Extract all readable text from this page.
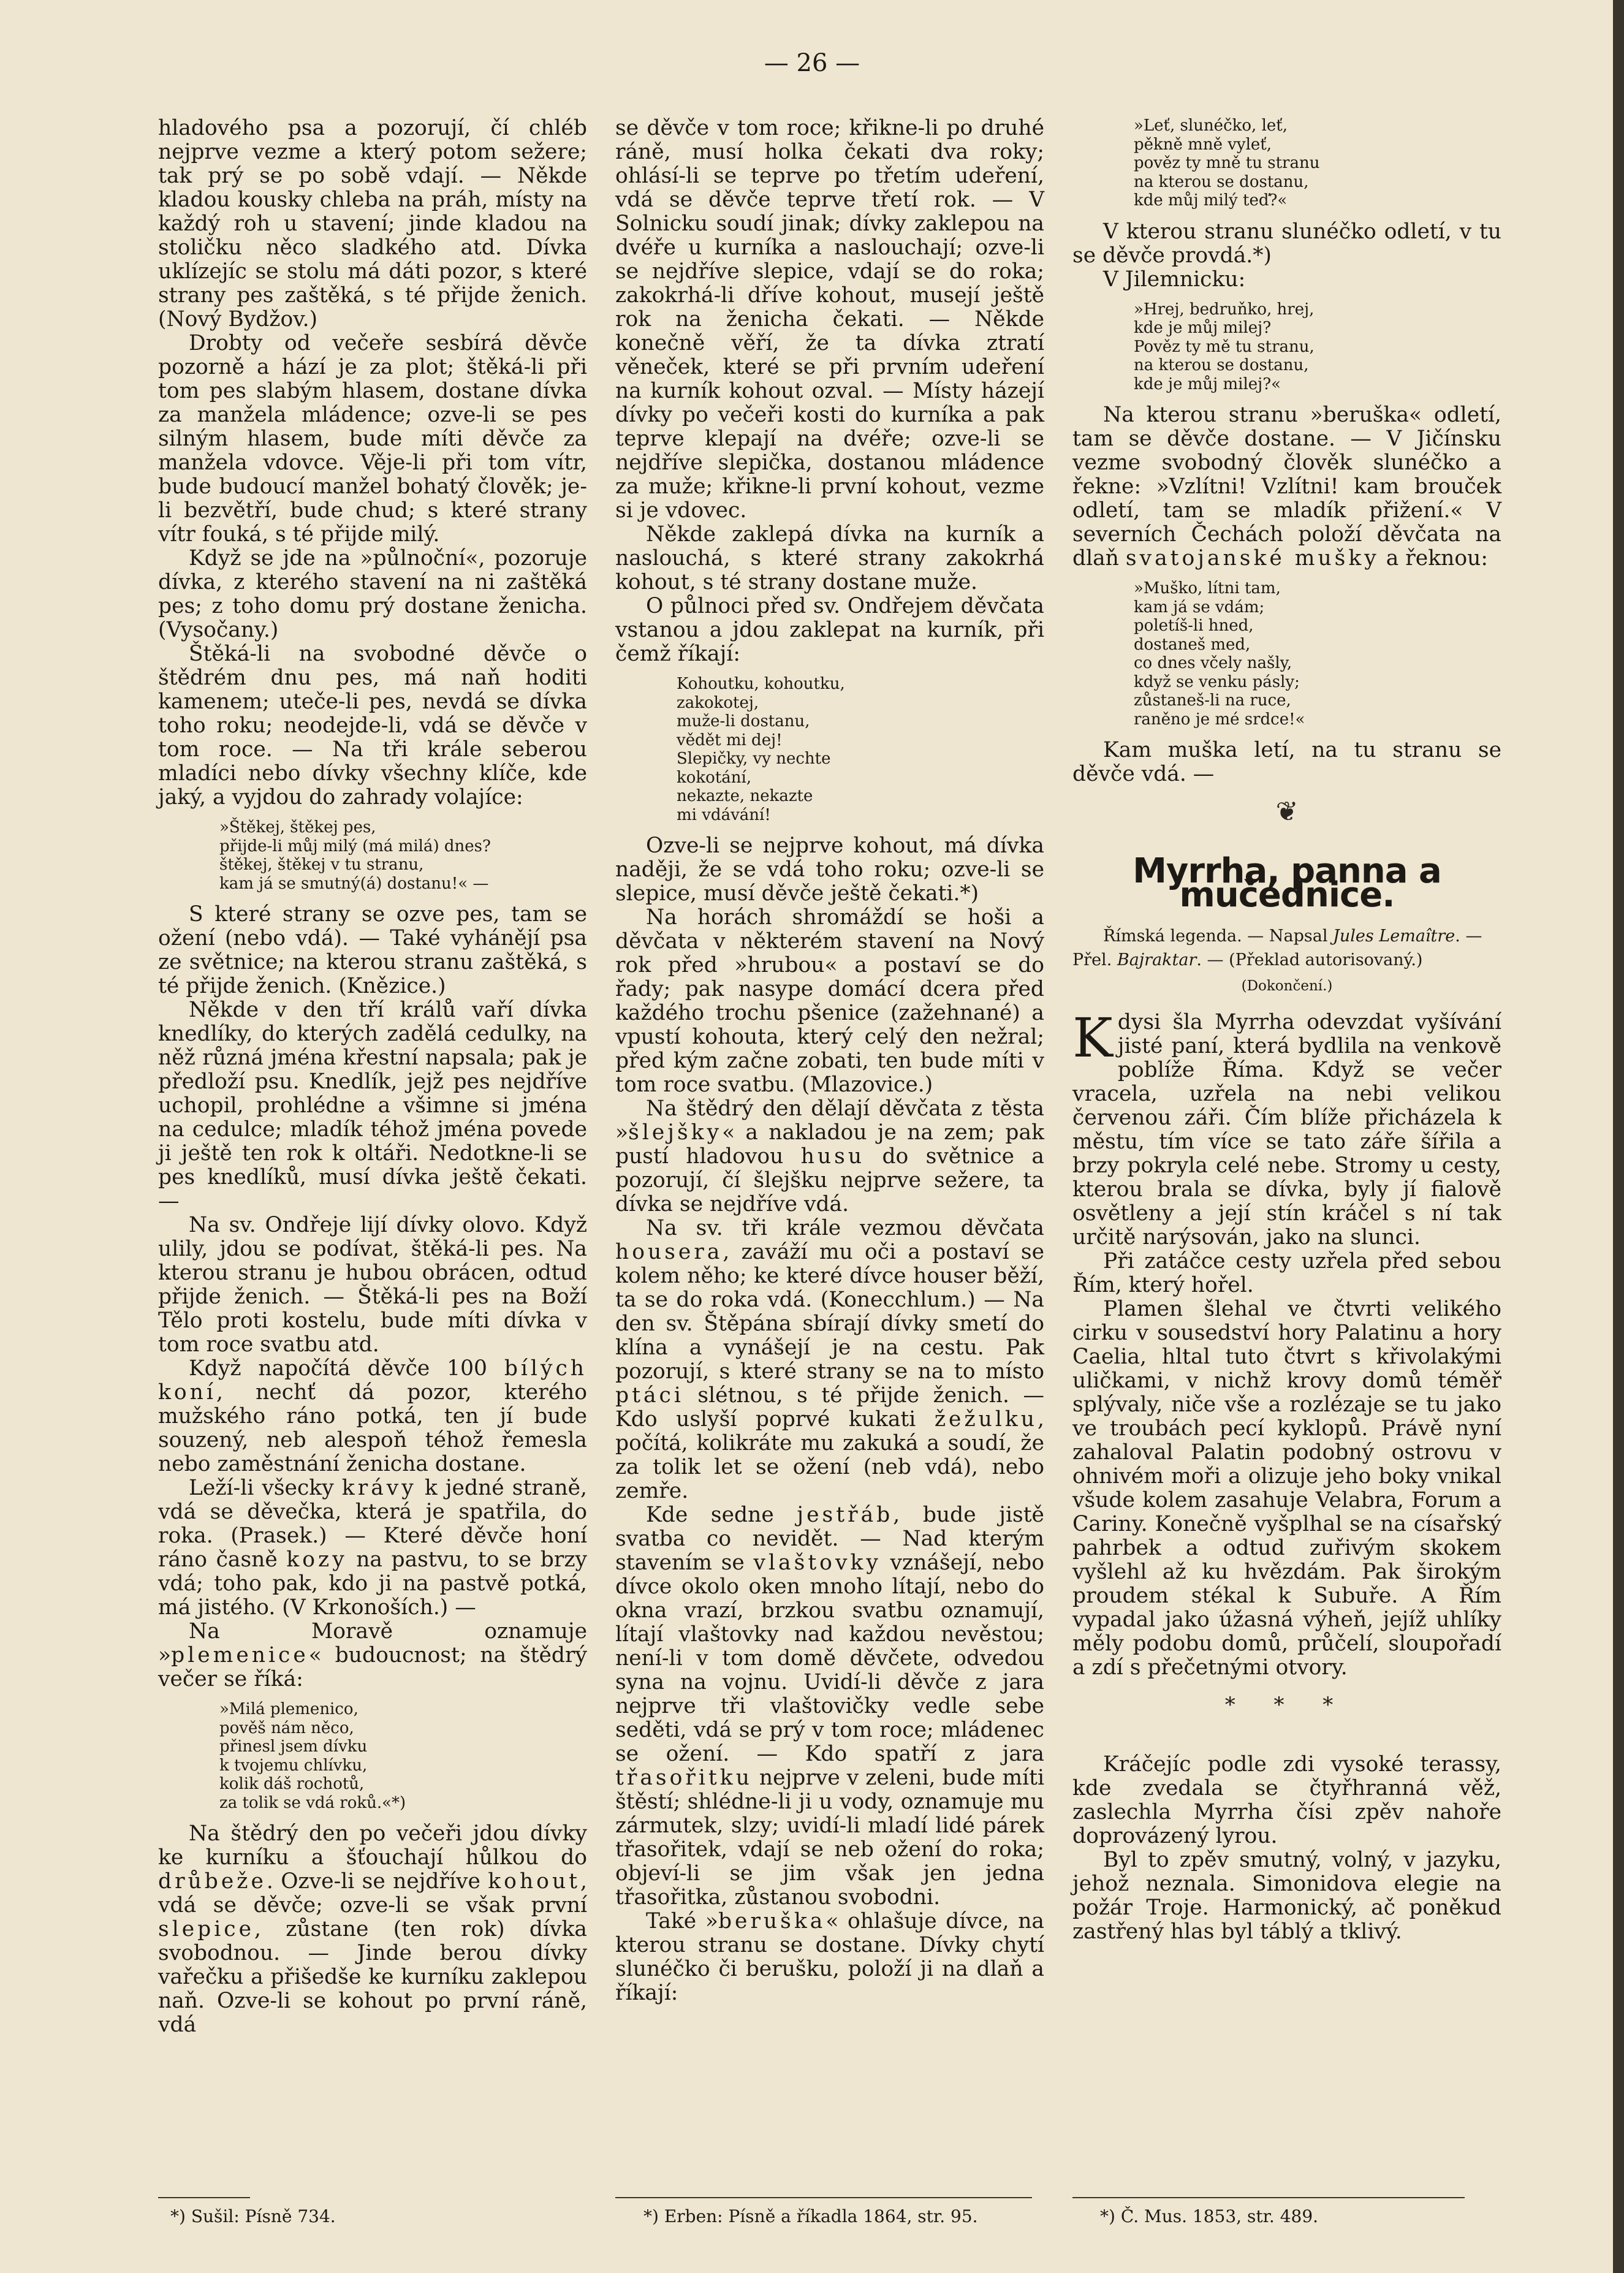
— 26 —

hladového psa a pozorují, čí chléb nejprve vezme a který potom sežere; tak prý se po sobě vdají. — Někde kladou kousky chleba na práh, místy na každý roh u stavení; jinde kladou na stoličku něco sladkého atd. Dívka uklízejíc se stolu má dáti pozor, s které strany pes zaštěká, s té přijde ženich. (Nový Bydžov.)

Drobty od večeře sesbírá děvče pozorně a hází je za plot; štěká-li při tom pes slabým hlasem, dostane dívka za manžela mládence; ozve-li se pes silným hlasem, bude míti děvče za manžela vdovce. Věje-li při tom vítr, bude budoucí manžel bohatý člověk; je-li bezvětří, bude chud; s které strany vítr fouká, s té přijde milý.

Když se jde na »půlnoční«, pozoruje dívka, z kterého stavení na ni zaštěká pes; z toho domu prý dostane ženicha. (Vysočany.)

Štěká-li na svobodné děvče o štědrém dnu pes, má naň hoditi kamenem; uteče-li pes, nevdá se dívka toho roku; neodejde-li, vdá se děvče v tom roce. — Na tři krále seberou mladíci nebo dívky všechny klíče, kde jaký, a vyjdou do zahrady volajíce:

»Štěkej, štěkej pes,
přijde-li můj milý (má milá) dnes?
štěkej, štěkej v tu stranu,
kam já se smutný(á) dostanu!« —

S které strany se ozve pes, tam se ožení (nebo vdá). — Také vyhánějí psa ze světnice; na kterou stranu zaštěká, s té přijde ženich. (Knězice.)

Někde v den tří králů vaří dívka knedlíky, do kterých zadělá cedulky, na něž různá jména křestní napsala; pak je předloží psu. Knedlík, jejž pes nejdříve uchopil, prohlédne a všimne si jména na cedulce; mladík téhož jména povede ji ještě ten rok k oltáři. Nedotkne-li se pes knedlíků, musí dívka ještě čekati. —

Na sv. Ondřeje lijí dívky olovo. Když ulily, jdou se podívat, štěká-li pes. Na kterou stranu je hubou obrácen, odtud přijde ženich. — Štěká-li pes na Boží Tělo proti kostelu, bude míti dívka v tom roce svatbu atd.

Když napočítá děvče 100 bílých koní, nechť dá pozor, kterého mužského ráno potká, ten jí bude souzený, neb alespoň téhož řemesla nebo zaměstnání ženicha dostane.

Leží-li všecky krávy k jedné straně, vdá se děvečka, která je spatřila, do roka. (Prasek.) — Které děvče honí ráno časně kozy na pastvu, to se brzy vdá; toho pak, kdo ji na pastvě potká, má jistého. (V Krkonoších.) —

Na Moravě oznamuje »plemenice« budoucnost; na štědrý večer se říká:

»Milá plemenico,
pověš nám něco,
přinesl jsem dívku
k tvojemu chlívku,
kolik dáš rochotů,
za tolik se vdá roků.«*)

Na štědrý den po večeři jdou dívky ke kurníku a šťouchají hůlkou do drůbeže. Ozve-li se nejdříve kohout, vdá se děvče; ozve-li se však první slepice, zůstane (ten rok) dívka svobodnou. — Jinde berou dívky vařečku a přišedše ke kurníku zaklepou naň. Ozve-li se kohout po první ráně, vdá

se děvče v tom roce; křikne-li po druhé ráně, musí holka čekati dva roky; ohlásí-li se teprve po třetím udeření, vdá se děvče teprve třetí rok. — V Solnicku soudí jinak; dívky zaklepou na dvéře u kurníka a naslouchají; ozve-li se nejdříve slepice, vdají se do roka; zakokrhá-li dříve kohout, musejí ještě rok na ženicha čekati. — Někde konečně věří, že ta dívka ztratí věneček, které se při prvním udeření na kurník kohout ozval. — Místy házejí dívky po večeři kosti do kurníka a pak teprve klepají na dvéře; ozve-li se nejdříve slepička, dostanou mládence za muže; křikne-li první kohout, vezme si je vdovec.

Někde zaklepá dívka na kurník a naslouchá, s které strany zakokrhá kohout, s té strany dostane muže.

O půlnoci před sv. Ondřejem děvčata vstanou a jdou zaklepat na kurník, při čemž říkají:

Kohoutku, kohoutku,
zakokotej,
muže-li dostanu,
vědět mi dej!
Slepičky, vy nechte
kokotání,
nekazte, nekazte
mi vdávání!

Ozve-li se nejprve kohout, má dívka naději, že se vdá toho roku; ozve-li se slepice, musí děvče ještě čekati.*)

Na horách shromáždí se hoši a děvčata v některém stavení na Nový rok před »hrubou« a postaví se do řady; pak nasype domácí dcera před každého trochu pšenice (zažehnané) a vpustí kohouta, který celý den nežral; před kým začne zobati, ten bude míti v tom roce svatbu. (Mlazovice.)

Na štědrý den dělají děvčata z těsta »šlejšky« a nakladou je na zem; pak pustí hladovou husu do světnice a pozorují, čí šlejšku nejprve sežere, ta dívka se nejdříve vdá.

Na sv. tři krále vezmou děvčata housera, zaváží mu oči a postaví se kolem něho; ke které dívce houser běží, ta se do roka vdá. (Konecchlum.) — Na den sv. Štěpána sbírají dívky smetí do klína a vynášejí je na cestu. Pak pozorují, s které strany se na to místo ptáci slétnou, s té přijde ženich. — Kdo uslyší poprvé kukati žežulku, počítá, kolikráte mu zakuká a soudí, že za tolik let se ožení (neb vdá), nebo zemře.

Kde sedne jestřáb, bude jistě svatba co nevidět. — Nad kterým stavením se vlaštovky vznášejí, nebo dívce okolo oken mnoho lítají, nebo do okna vrazí, brzkou svatbu oznamují, lítají vlaštovky nad každou nevěstou; není-li v tom domě děvčete, odvedou syna na vojnu. Uvidí-li děvče z jara nejprve tři vlaštovičky vedle sebe seděti, vdá se prý v tom roce; mládenec se ožení. — Kdo spatří z jara třasořitku nejprve v zeleni, bude míti štěstí; shlédne-li ji u vody, oznamuje mu zármutek, slzy; uvidí-li mladí lidé párek třasořitek, vdají se neb ožení do roka; objeví-li se jim však jen jedna třasořitka, zůstanou svobodni.

Také »beruška« ohlašuje dívce, na kterou stranu se dostane. Dívky chytí slunéčko či berušku, položí ji na dlaň a říkají:

»Leť, slunéčko, leť,
pěkně mně vyleť,
pověz ty mně tu stranu
na kterou se dostanu,
kde můj milý teď?«

V kterou stranu slunéčko odletí, v tu se děvče provdá.*)

V Jilemnicku:

»Hrej, bedruňko, hrej,
kde je můj milej?
Pověz ty mě tu stranu,
na kterou se dostanu,
kde je můj milej?«

Na kterou stranu »beruška« odletí, tam se děvče dostane. — V Jičínsku vezme svobodný člověk slunéčko a řekne: »Vzlítni! Vzlítni! kam brouček odletí, tam se mladík přižení.« V severních Čechách položí děvčata na dlaň svatojanské mušky a řeknou:

»Muško, lítni tam,
kam já se vdám;
poletíš-li hned,
dostaneš med,
co dnes včely našly,
když se venku pásly;
zůstaneš-li na ruce,
raněno je mé srdce!«

Kam muška letí, na tu stranu se děvče vdá. —

❦
Myrrha, panna a mučednice.

Římská legenda. — Napsal Jules Lemaître. — Přel. Bajraktar. — (Překlad autorisovaný.)

(Dokončení.)

Kdysi šla Myrrha odevzdat vyšívání jisté paní, která bydlila na venkově poblíže Říma. Když se večer vracela, uzřela na nebi velikou červenou záři. Čím blíže přicházela k městu, tím více se tato záře šířila a brzy pokryla celé nebe. Stromy u cesty, kterou brala se dívka, byly jí fialově osvětleny a její stín kráčel s ní tak určitě narýsován, jako na slunci.

Při zatáčce cesty uzřela před sebou Řím, který hořel.

Plamen šlehal ve čtvrti velikého cirku v sousedství hory Palatinu a hory Caelia, hltal tuto čtvrt s křivolakými uličkami, v nichž krovy domů téměř splývaly, niče vše a rozlézaje se tu jako ve troubách pecí kyklopů. Právě nyní zahaloval Palatin podobný ostrovu v ohnivém moři a olizuje jeho boky vnikal všude kolem zasahuje Velabra, Forum a Cariny. Konečně vyšplhal se na císařský pahrbek a odtud zuřivým skokem vyšlehl až ku hvězdám. Pak širokým proudem stékal k Subuře. A Řím vypadal jako úžasná výheň, jejíž uhlíky měly podobu domů, průčelí, sloupořadí a zdí s přečetnými otvory.

* * *

Kráčejíc podle zdi vysoké terassy, kde zvedala se čtyřhranná věž, zaslechla Myrrha čísi zpěv nahoře doprovázený lyrou.

Byl to zpěv smutný, volný, v jazyku, jehož neznala. Simonidova elegie na požár Troje. Harmonický, ač poněkud zastřený hlas byl táblý a tklivý.

*) Sušil: Písně 734.	*) Erben: Písně a říkadla 1864, str. 95.	*) Č. Mus. 1853, str. 489.
